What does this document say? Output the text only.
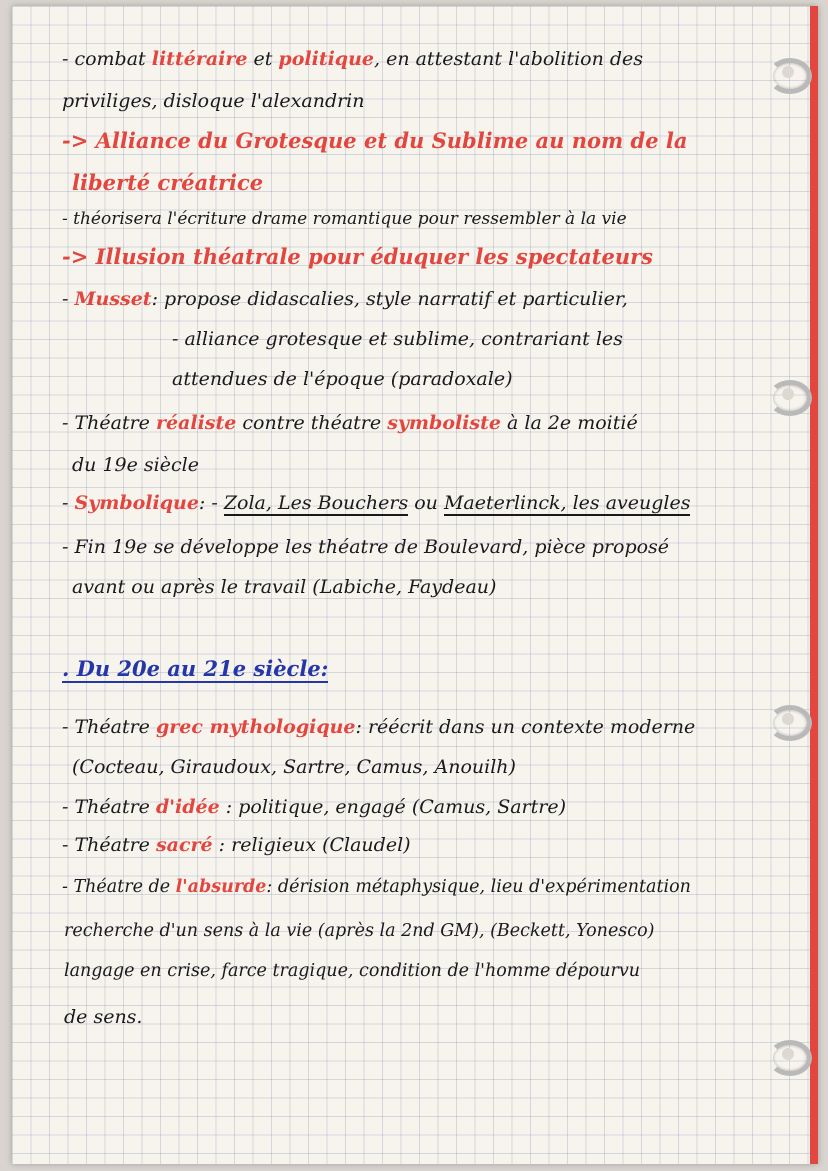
- combat littéraire et politique, en attestant l'abolition des
priviliges, disloque l'alexandrin
-> Alliance du Grotesque et du Sublime au nom de la
liberté créatrice
- théorisera l'écriture drame romantique pour ressembler à la vie
-> Illusion théatrale pour éduquer les spectateurs
- Musset: propose didascalies, style narratif et particulier,
- alliance grotesque et sublime, contrariant les
attendues de l'époque (paradoxale)
- Théatre réaliste contre théatre symboliste à la 2e moitié
du 19e siècle
- Symbolique: - Zola, Les Bouchers ou Maeterlinck, les aveugles
- Fin 19e se développe les théatre de Boulevard, pièce proposé
avant ou après le travail (Labiche, Faydeau)
. Du 20e au 21e siècle:
- Théatre grec mythologique: réécrit dans un contexte moderne
(Cocteau, Giraudoux, Sartre, Camus, Anouilh)
- Théatre d'idée : politique, engagé (Camus, Sartre)
- Théatre sacré : religieux (Claudel)
- Théatre de l'absurde: dérision métaphysique, lieu d'expérimentation
recherche d'un sens à la vie (après la 2nd GM), (Beckett, Yonesco)
langage en crise, farce tragique, condition de l'homme dépourvu
de sens.
